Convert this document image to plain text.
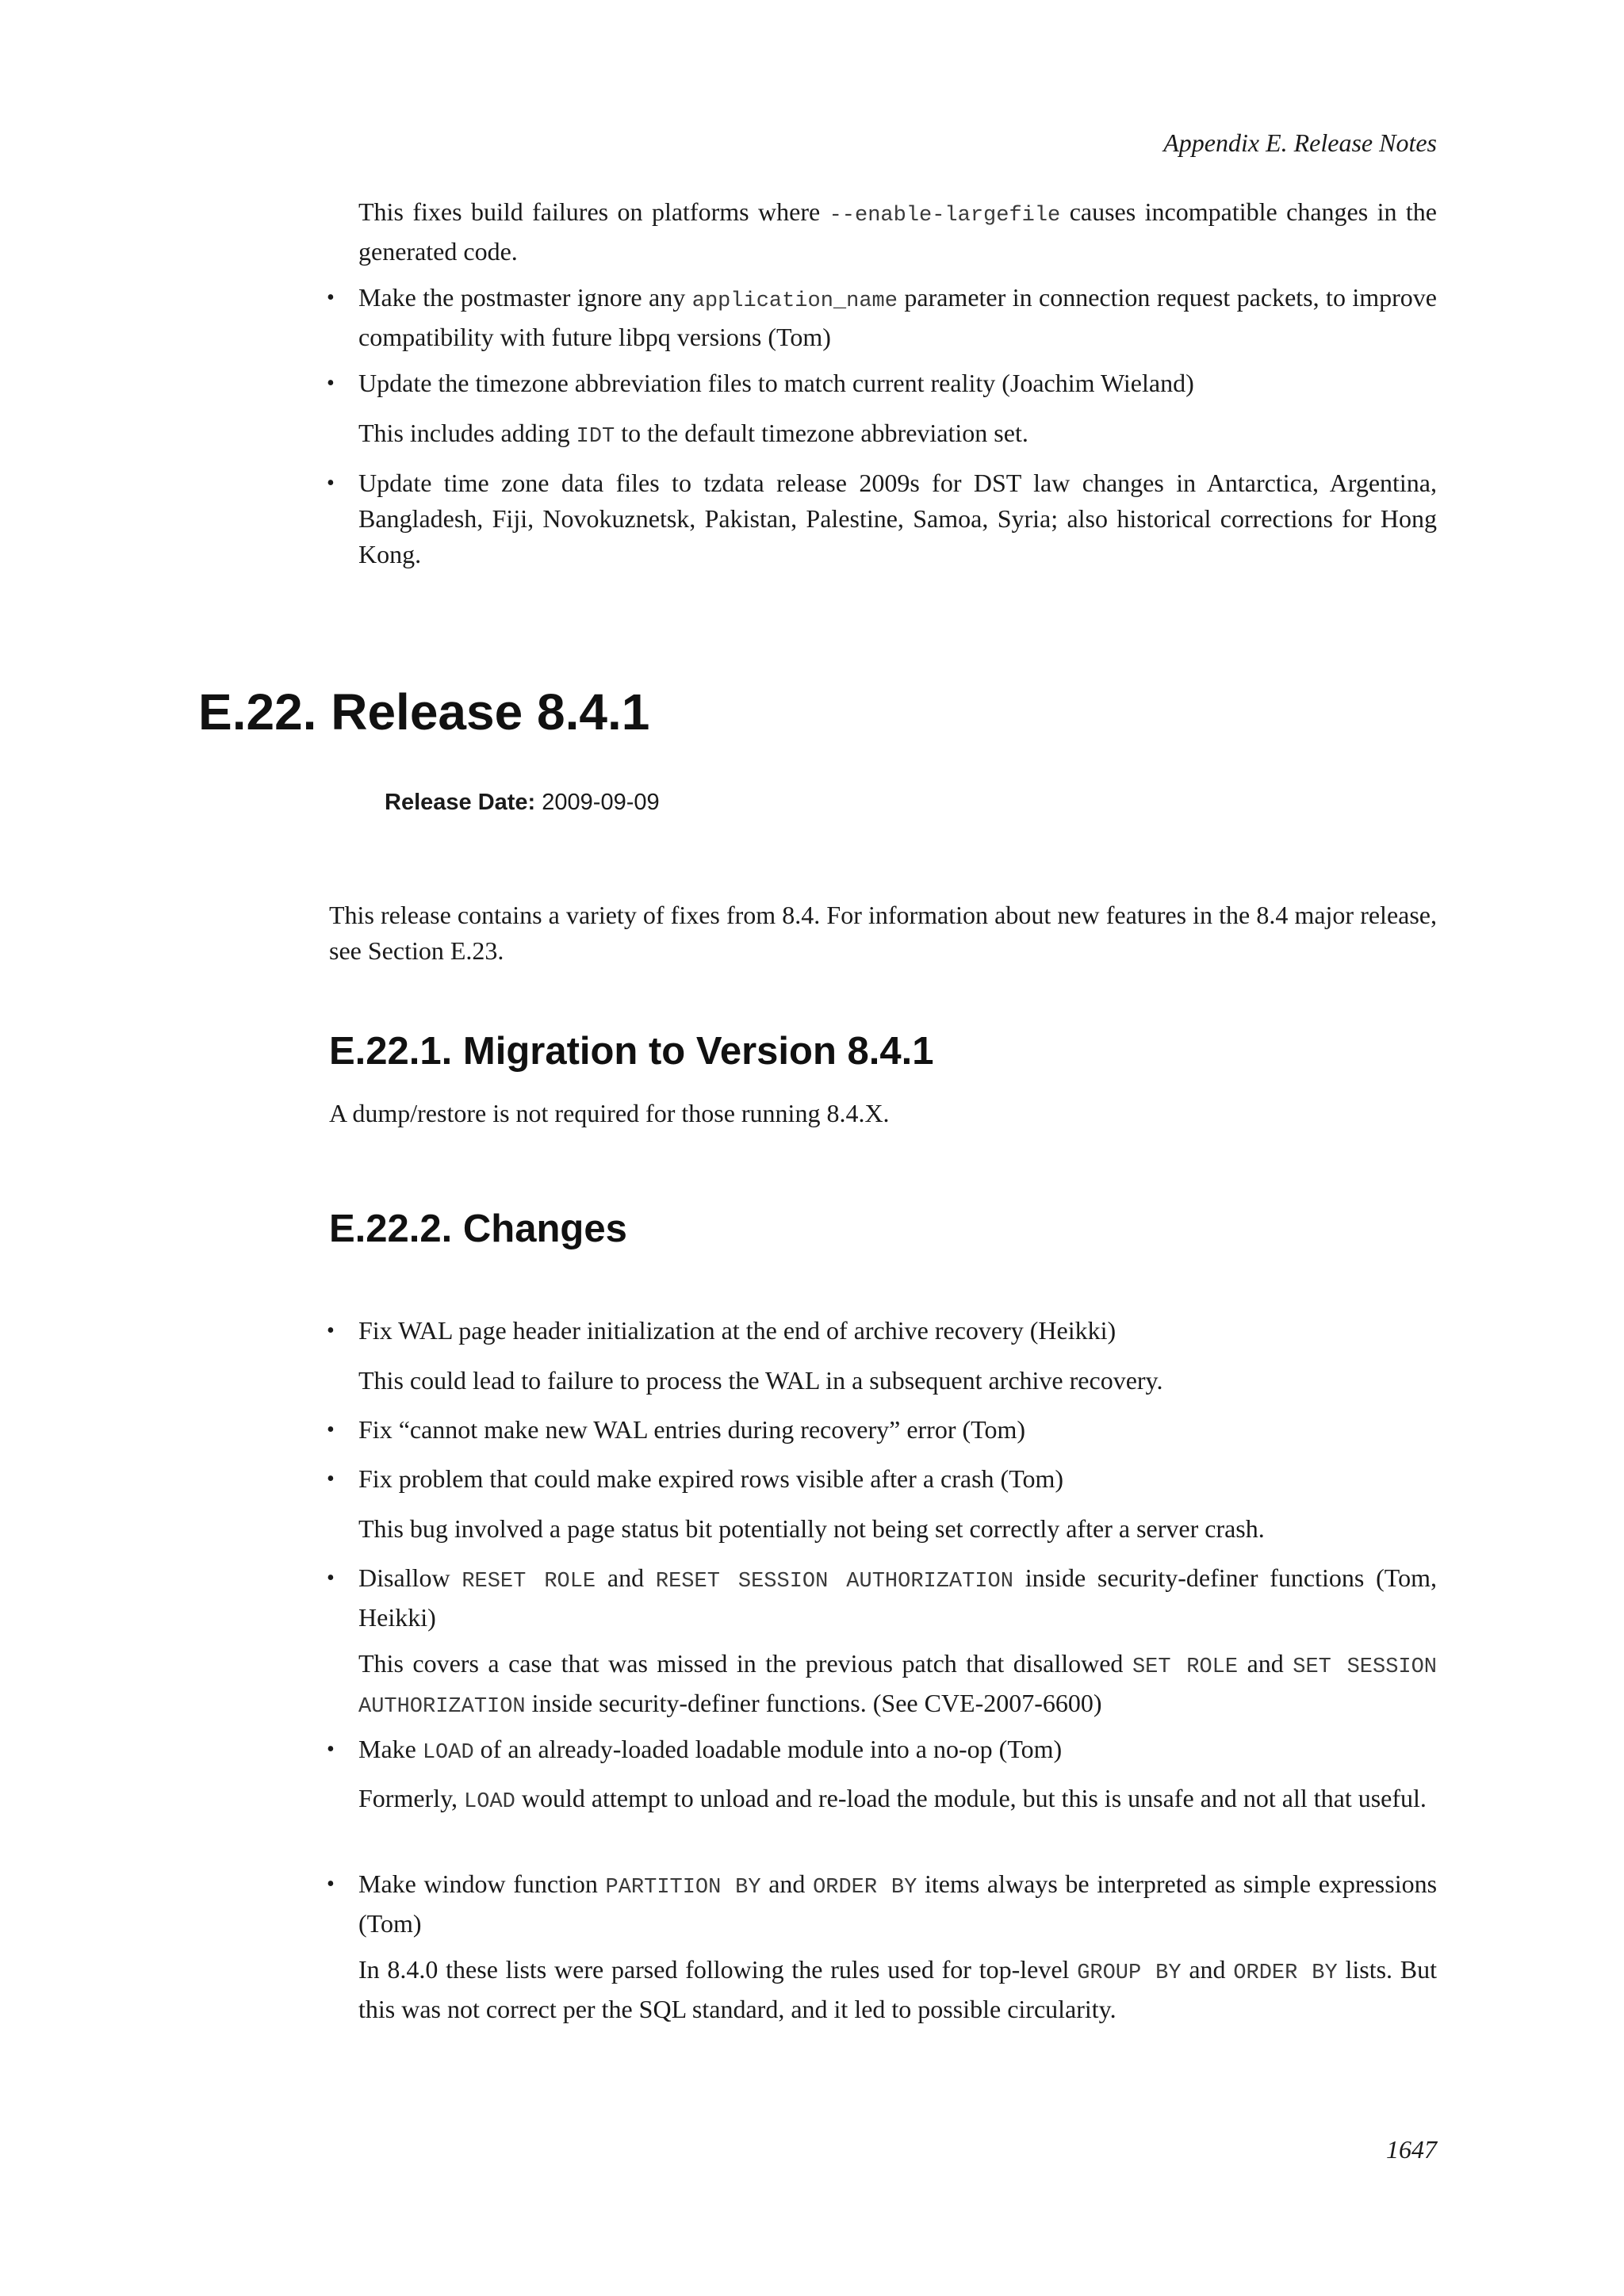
Appendix E. Release Notes
This fixes build failures on platforms where --enable-largefile causes incompatible changes in the generated code.
• Make the postmaster ignore any application_name parameter in connection request packets, to improve compatibility with future libpq versions (Tom)
• Update the timezone abbreviation files to match current reality (Joachim Wieland)
This includes adding IDT to the default timezone abbreviation set.
• Update time zone data files to tzdata release 2009s for DST law changes in Antarctica, Argentina, Bangladesh, Fiji, Novokuznetsk, Pakistan, Palestine, Samoa, Syria; also historical corrections for Hong Kong.
E.22. Release 8.4.1
Release Date: 2009-09-09
This release contains a variety of fixes from 8.4. For information about new features in the 8.4 major release, see Section E.23.
E.22.1. Migration to Version 8.4.1
A dump/restore is not required for those running 8.4.X.
E.22.2. Changes
• Fix WAL page header initialization at the end of archive recovery (Heikki)
This could lead to failure to process the WAL in a subsequent archive recovery.
• Fix “cannot make new WAL entries during recovery” error (Tom)
• Fix problem that could make expired rows visible after a crash (Tom)
This bug involved a page status bit potentially not being set correctly after a server crash.
• Disallow RESET ROLE and RESET SESSION AUTHORIZATION inside security-definer functions (Tom, Heikki)
This covers a case that was missed in the previous patch that disallowed SET ROLE and SET SESSION AUTHORIZATION inside security-definer functions. (See CVE-2007-6600)
• Make LOAD of an already-loaded loadable module into a no-op (Tom)
Formerly, LOAD would attempt to unload and re-load the module, but this is unsafe and not all that useful.
• Make window function PARTITION BY and ORDER BY items always be interpreted as simple expressions (Tom)
In 8.4.0 these lists were parsed following the rules used for top-level GROUP BY and ORDER BY lists. But this was not correct per the SQL standard, and it led to possible circularity.
1647
